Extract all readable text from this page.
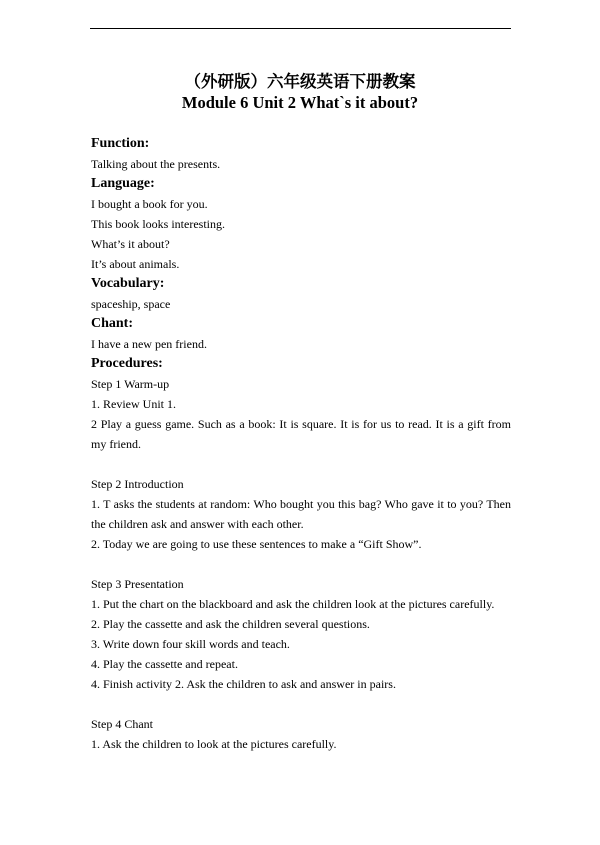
（外研版）六年级英语下册教案
Module 6 Unit 2 What`s it about?
Function:
Talking about the presents.
Language:
I bought a book for you.
This book looks interesting.
What’s it about?
It’s about animals.
Vocabulary:
spaceship, space
Chant:
I have a new pen friend.
Procedures:
Step 1 Warm-up
1. Review Unit 1.
2 Play a guess game. Such as a book: It is square. It is for us to read. It is a gift from my friend.
Step 2 Introduction
1. T asks the students at random: Who bought you this bag? Who gave it to you? Then the children ask and answer with each other.
2. Today we are going to use these sentences to make a “Gift Show”.
Step 3 Presentation
1. Put the chart on the blackboard and ask the children look at the pictures carefully.
2. Play the cassette and ask the children several questions.
3. Write down four skill words and teach.
4. Play the cassette and repeat.
4. Finish activity 2. Ask the children to ask and answer in pairs.
Step 4 Chant
1. Ask the children to look at the pictures carefully.
